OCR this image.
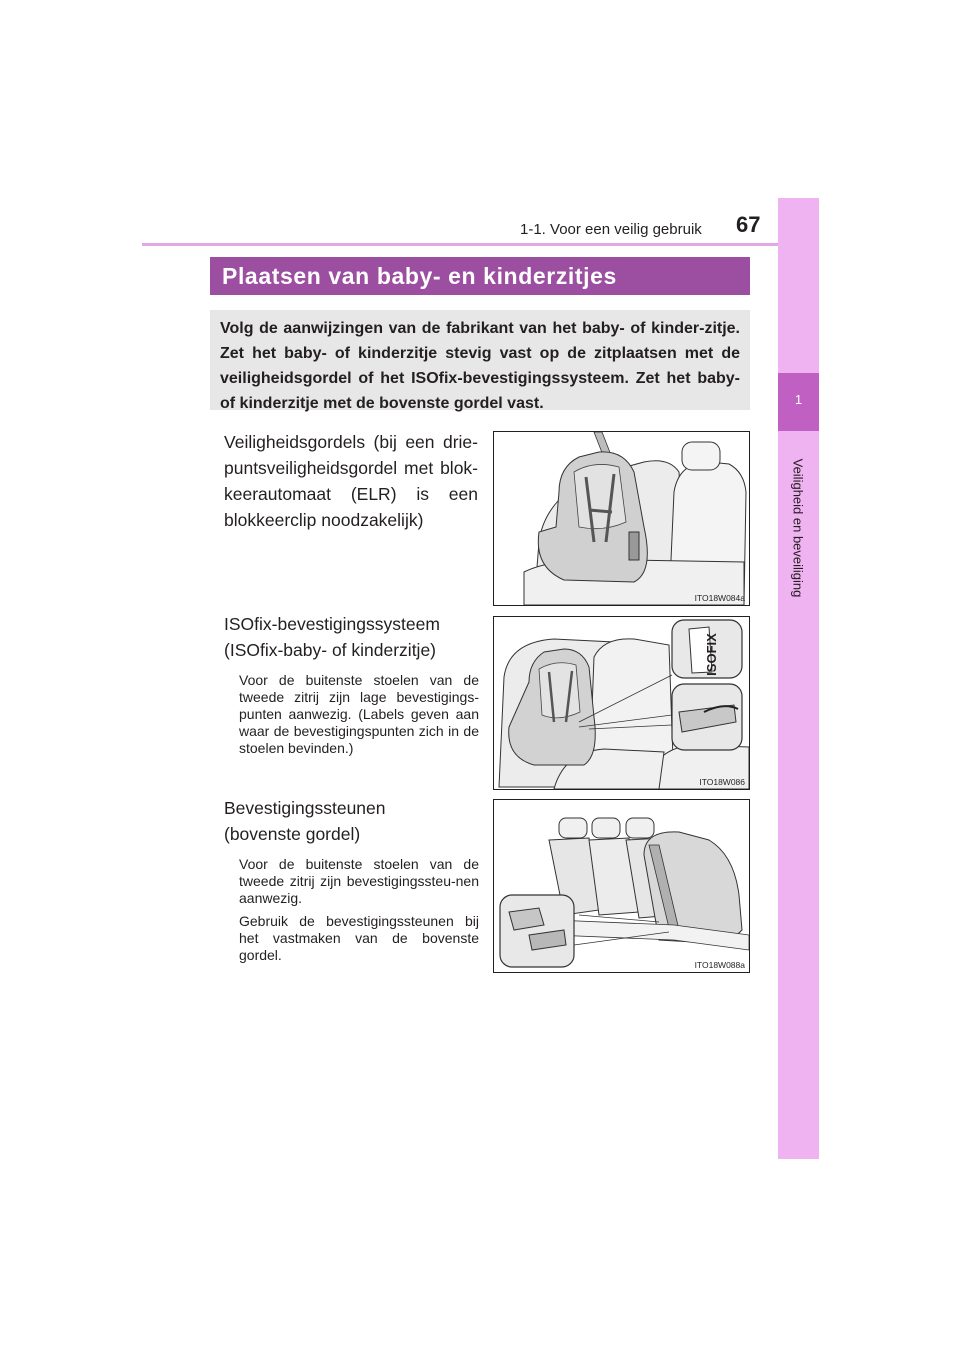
1-1. Voor een veilig gebruik 67
1
Veiligheid en beveiliging
Plaatsen van baby- en kinderzitjes

Volg de aanwijzingen van de fabrikant van het baby- of kinder-zitje. Zet het baby- of kinderzitje stevig vast op de zitplaatsen met de veiligheidsgordel of het ISOfix-bevestigingssysteem. Zet het baby- of kinderzitje met de bovenste gordel vast.

Veiligheidsgordels (bij een drie-puntsveiligheidsgordel met blok-keerautomaat (ELR) is een blokkeerclip noodzakelijk)

ITO18W084a

ISOfix-bevestigingssysteem

(ISOfix-baby- of kinderzitje)

Voor de buitenste stoelen van de tweede zitrij zijn lage bevestigings-punten aanwezig. (Labels geven aan waar de bevestigingspunten zich in de stoelen bevinden.)

ISOFIX
ITO18W086

Bevestigingssteunen

(bovenste gordel)

Voor de buitenste stoelen van de tweede zitrij zijn bevestigingssteu-nen aanwezig.

Gebruik de bevestigingssteunen bij het vastmaken van de bovenste gordel.

ITO18W088a
